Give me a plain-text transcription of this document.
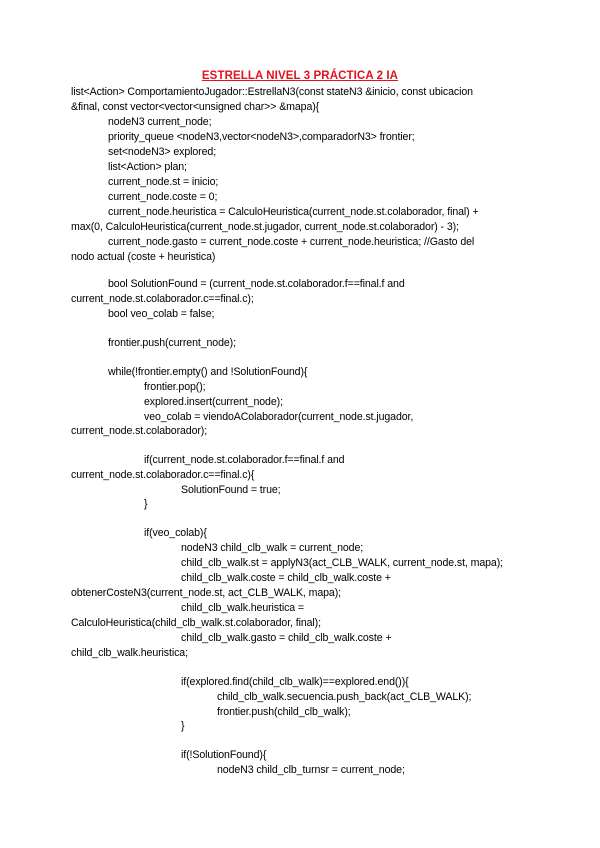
ESTRELLA NIVEL 3 PRÁCTICA 2 IA
list<Action> ComportamientoJugador::EstrellaN3(const stateN3 &inicio, const ubicacion
&final, const vector<vector<unsigned char>> &mapa){
nodeN3 current_node;
priority_queue <nodeN3,vector<nodeN3>,comparadorN3> frontier;
set<nodeN3> explored;
list<Action> plan;
current_node.st = inicio;
current_node.coste = 0;
current_node.heuristica = CalculoHeuristica(current_node.st.colaborador, final) +
max(0, CalculoHeuristica(current_node.st.jugador, current_node.st.colaborador) - 3);
current_node.gasto = current_node.coste + current_node.heuristica; //Gasto del
nodo actual (coste + heuristica)
bool SolutionFound = (current_node.st.colaborador.f==final.f and
current_node.st.colaborador.c==final.c);
bool veo_colab = false;
frontier.push(current_node);
while(!frontier.empty() and !SolutionFound){
frontier.pop();
explored.insert(current_node);
veo_colab = viendoAColaborador(current_node.st.jugador,
current_node.st.colaborador);
if(current_node.st.colaborador.f==final.f and
current_node.st.colaborador.c==final.c){
SolutionFound = true;
}
if(veo_colab){
nodeN3 child_clb_walk = current_node;
child_clb_walk.st = applyN3(act_CLB_WALK, current_node.st, mapa);
child_clb_walk.coste = child_clb_walk.coste +
obtenerCosteN3(current_node.st, act_CLB_WALK, mapa);
child_clb_walk.heuristica =
CalculoHeuristica(child_clb_walk.st.colaborador, final);
child_clb_walk.gasto = child_clb_walk.coste +
child_clb_walk.heuristica;
if(explored.find(child_clb_walk)==explored.end()){
child_clb_walk.secuencia.push_back(act_CLB_WALK);
frontier.push(child_clb_walk);
}
if(!SolutionFound){
nodeN3 child_clb_turnsr = current_node;
